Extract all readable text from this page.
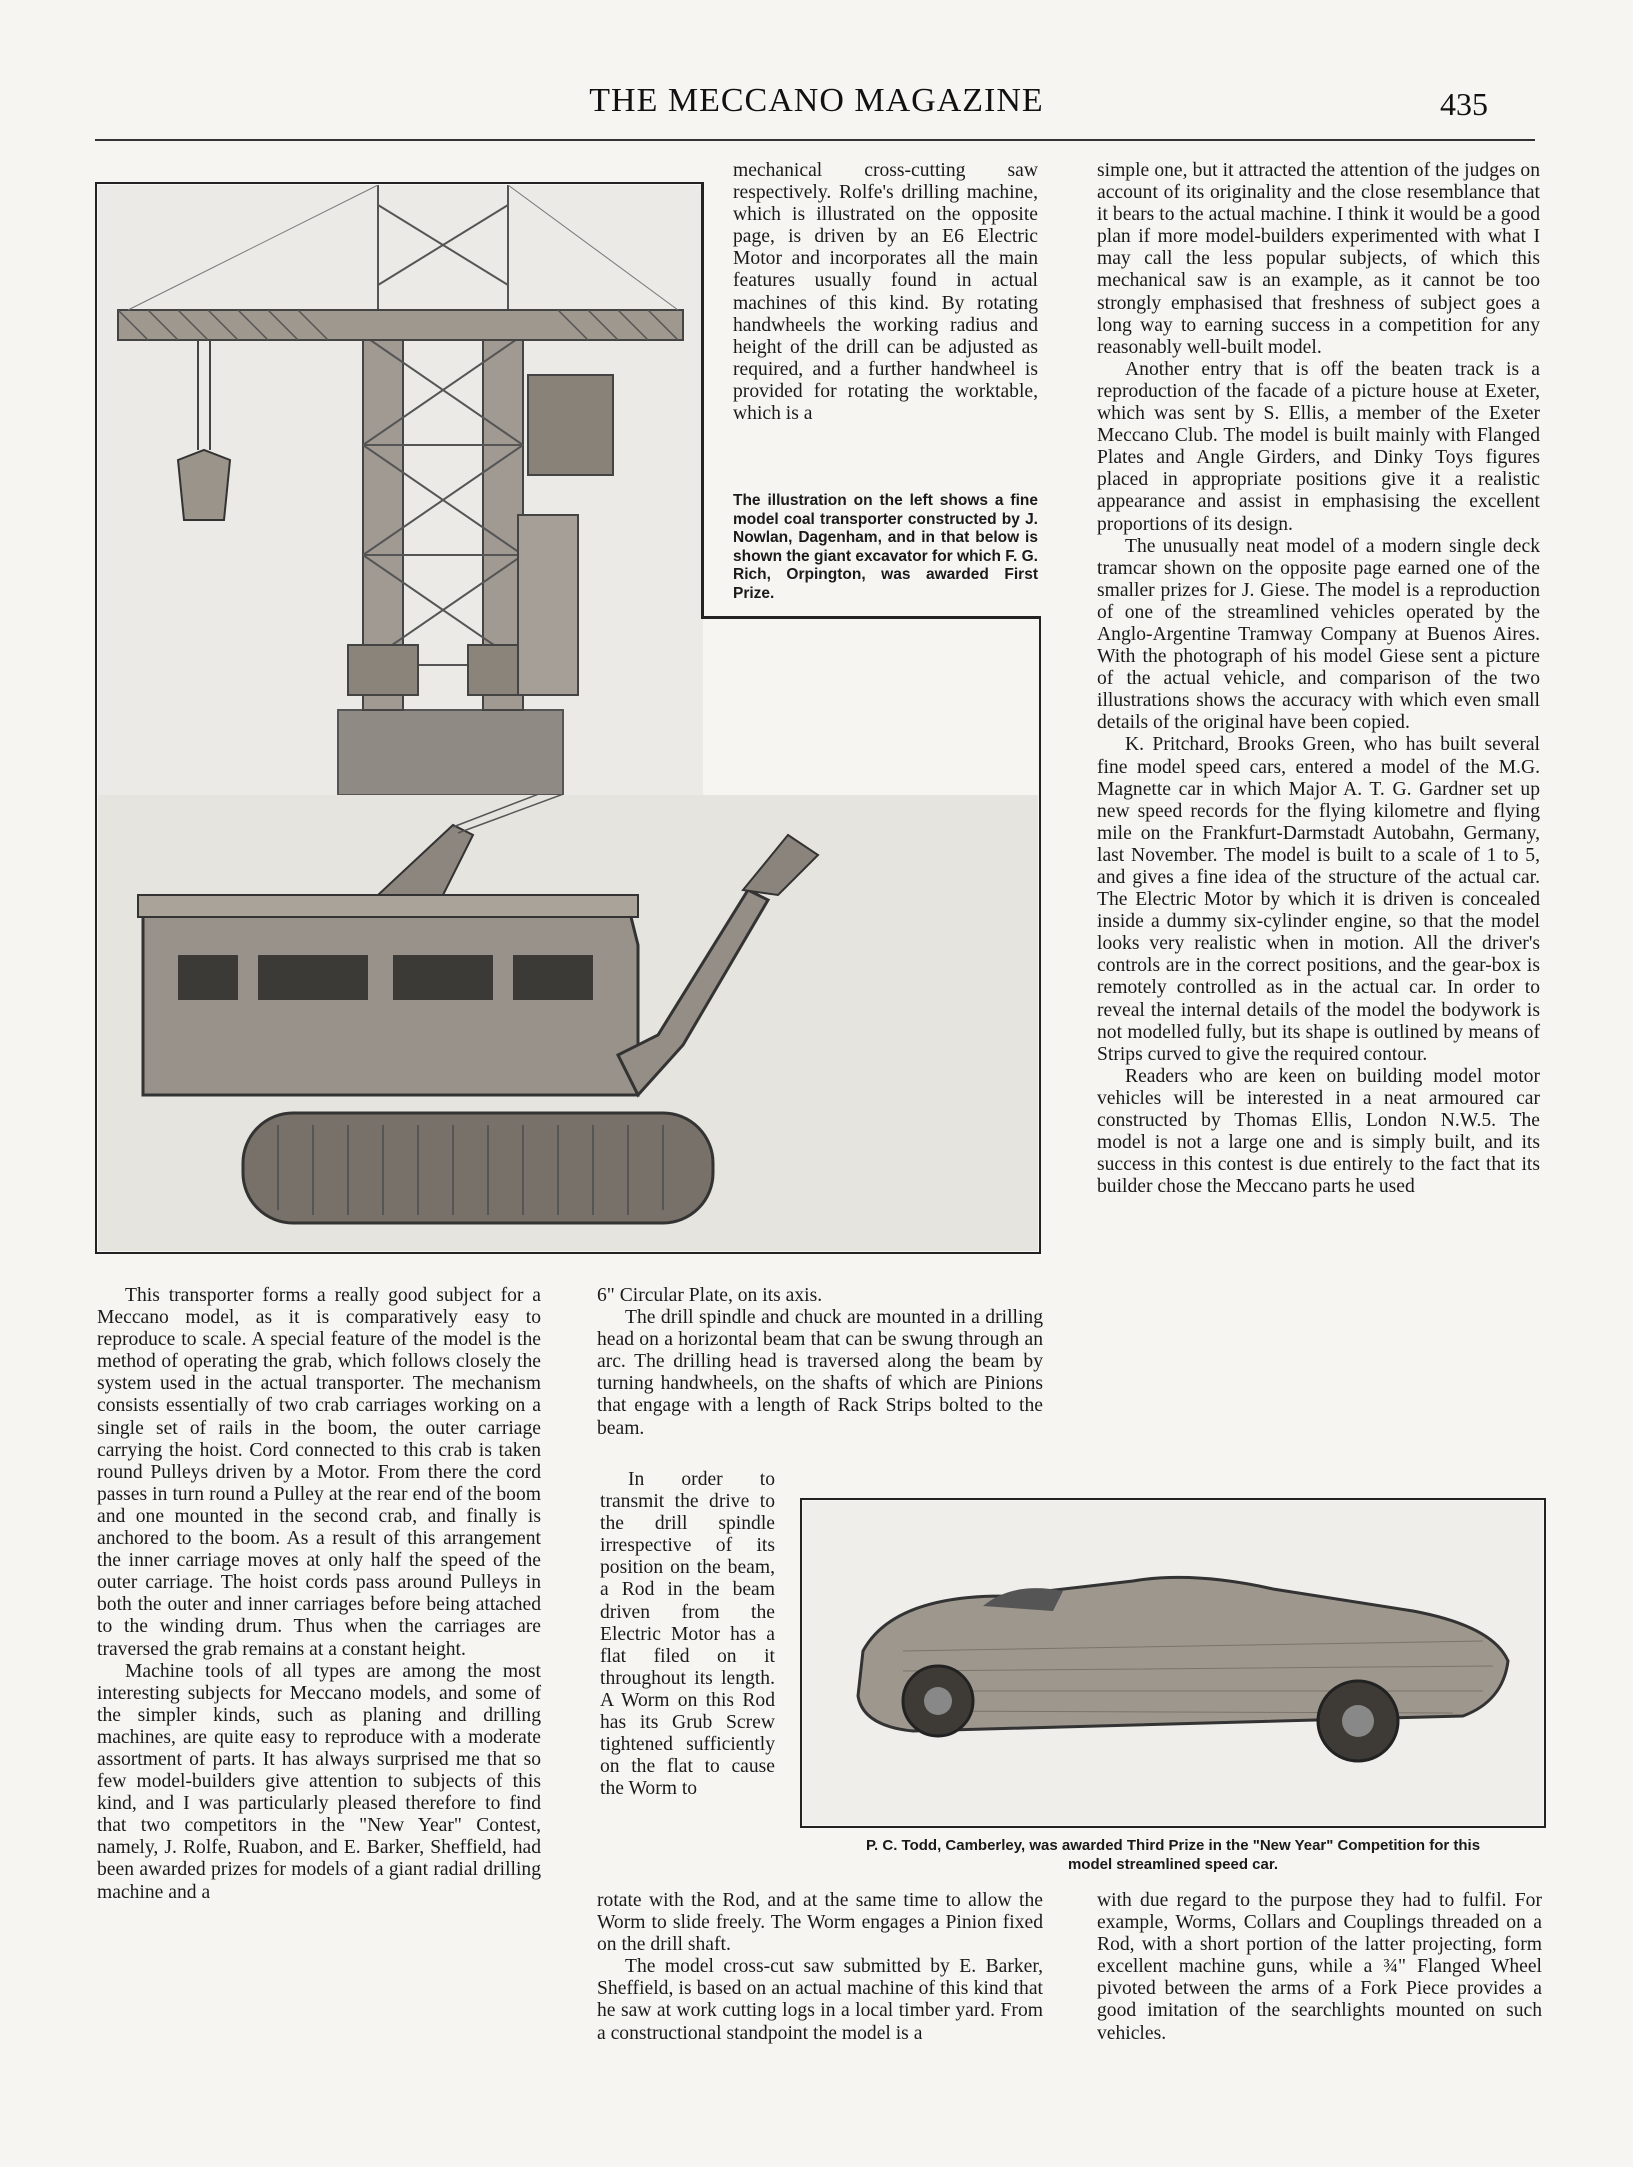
THE MECCANO MAGAZINE	435

mechanical cross-cutting saw respectively. Rolfe's drilling machine, which is illustrated on the opposite page, is driven by an E6 Electric Motor and incorporates all the main features usually found in actual machines of this kind. By rotating handwheels the working radius and height of the drill can be adjusted as required, and a further handwheel is provided for rotating the worktable, which is a

The illustration on the left shows a fine model coal transporter constructed by J. Nowlan, Dagenham, and in that below is shown the giant excavator for which F. G. Rich, Orpington, was awarded First Prize.

simple one, but it attracted the attention of the judges on account of its originality and the close resemblance that it bears to the actual machine. I think it would be a good plan if more model-builders experimented with what I may call the less popular subjects, of which this mechanical saw is an example, as it cannot be too strongly emphasised that freshness of subject goes a long way to earning success in a competition for any reasonably well-built model.

Another entry that is off the beaten track is a reproduction of the facade of a picture house at Exeter, which was sent by S. Ellis, a member of the Exeter Meccano Club. The model is built mainly with Flanged Plates and Angle Girders, and Dinky Toys figures placed in appropriate positions give it a realistic appearance and assist in emphasising the excellent proportions of its design.

The unusually neat model of a modern single deck tramcar shown on the opposite page earned one of the smaller prizes for J. Giese. The model is a reproduction of one of the streamlined vehicles operated by the Anglo-Argentine Tramway Company at Buenos Aires. With the photograph of his model Giese sent a picture of the actual vehicle, and comparison of the two illustrations shows the accuracy with which even small details of the original have been copied.

K. Pritchard, Brooks Green, who has built several fine model speed cars, entered a model of the M.G. Magnette car in which Major A. T. G. Gardner set up new speed records for the flying kilometre and flying mile on the Frankfurt-Darmstadt Autobahn, Germany, last November. The model is built to a scale of 1 to 5, and gives a fine idea of the structure of the actual car. The Electric Motor by which it is driven is concealed inside a dummy six-cylinder engine, so that the model looks very realistic when in motion. All the driver's controls are in the correct positions, and the gear-box is remotely controlled as in the actual car. In order to reveal the internal details of the model the bodywork is not modelled fully, but its shape is outlined by means of Strips curved to give the required contour.

Readers who are keen on building model motor vehicles will be interested in a neat armoured car constructed by Thomas Ellis, London N.W.5. The model is not a large one and is simply built, and its success in this contest is due entirely to the fact that its builder chose the Meccano parts he used

This transporter forms a really good subject for a Meccano model, as it is comparatively easy to reproduce to scale. A special feature of the model is the method of operating the grab, which follows closely the system used in the actual transporter. The mechanism consists essentially of two crab carriages working on a single set of rails in the boom, the outer carriage carrying the hoist. Cord connected to this crab is taken round Pulleys driven by a Motor. From there the cord passes in turn round a Pulley at the rear end of the boom and one mounted in the second crab, and finally is anchored to the boom. As a result of this arrangement the inner carriage moves at only half the speed of the outer carriage. The hoist cords pass around Pulleys in both the outer and inner carriages before being attached to the winding drum. Thus when the carriages are traversed the grab remains at a constant height.

Machine tools of all types are among the most interesting subjects for Meccano models, and some of the simpler kinds, such as planing and drilling machines, are quite easy to reproduce with a moderate assortment of parts. It has always surprised me that so few model-builders give attention to subjects of this kind, and I was particularly pleased therefore to find that two competitors in the "New Year" Contest, namely, J. Rolfe, Ruabon, and E. Barker, Sheffield, had been awarded prizes for models of a giant radial drilling machine and a

6" Circular Plate, on its axis.

The drill spindle and chuck are mounted in a drilling head on a horizontal beam that can be swung through an arc. The drilling head is traversed along the beam by turning handwheels, on the shafts of which are Pinions that engage with a length of Rack Strips bolted to the beam.

In order to transmit the drive to the drill spindle irrespective of its position on the beam, a Rod in the beam driven from the Electric Motor has a flat filed on it throughout its length. A Worm on this Rod has its Grub Screw tightened sufficiently on the flat to cause the Worm to

rotate with the Rod, and at the same time to allow the Worm to slide freely. The Worm engages a Pinion fixed on the drill shaft.

The model cross-cut saw submitted by E. Barker, Sheffield, is based on an actual machine of this kind that he saw at work cutting logs in a local timber yard. From a constructional standpoint the model is a

P. C. Todd, Camberley, was awarded Third Prize in the "New Year" Competition for this
model streamlined speed car.

with due regard to the purpose they had to fulfil. For example, Worms, Collars and Couplings threaded on a Rod, with a short portion of the latter projecting, form excellent machine guns, while a ¾" Flanged Wheel pivoted between the arms of a Fork Piece provides a good imitation of the searchlights mounted on such vehicles.
